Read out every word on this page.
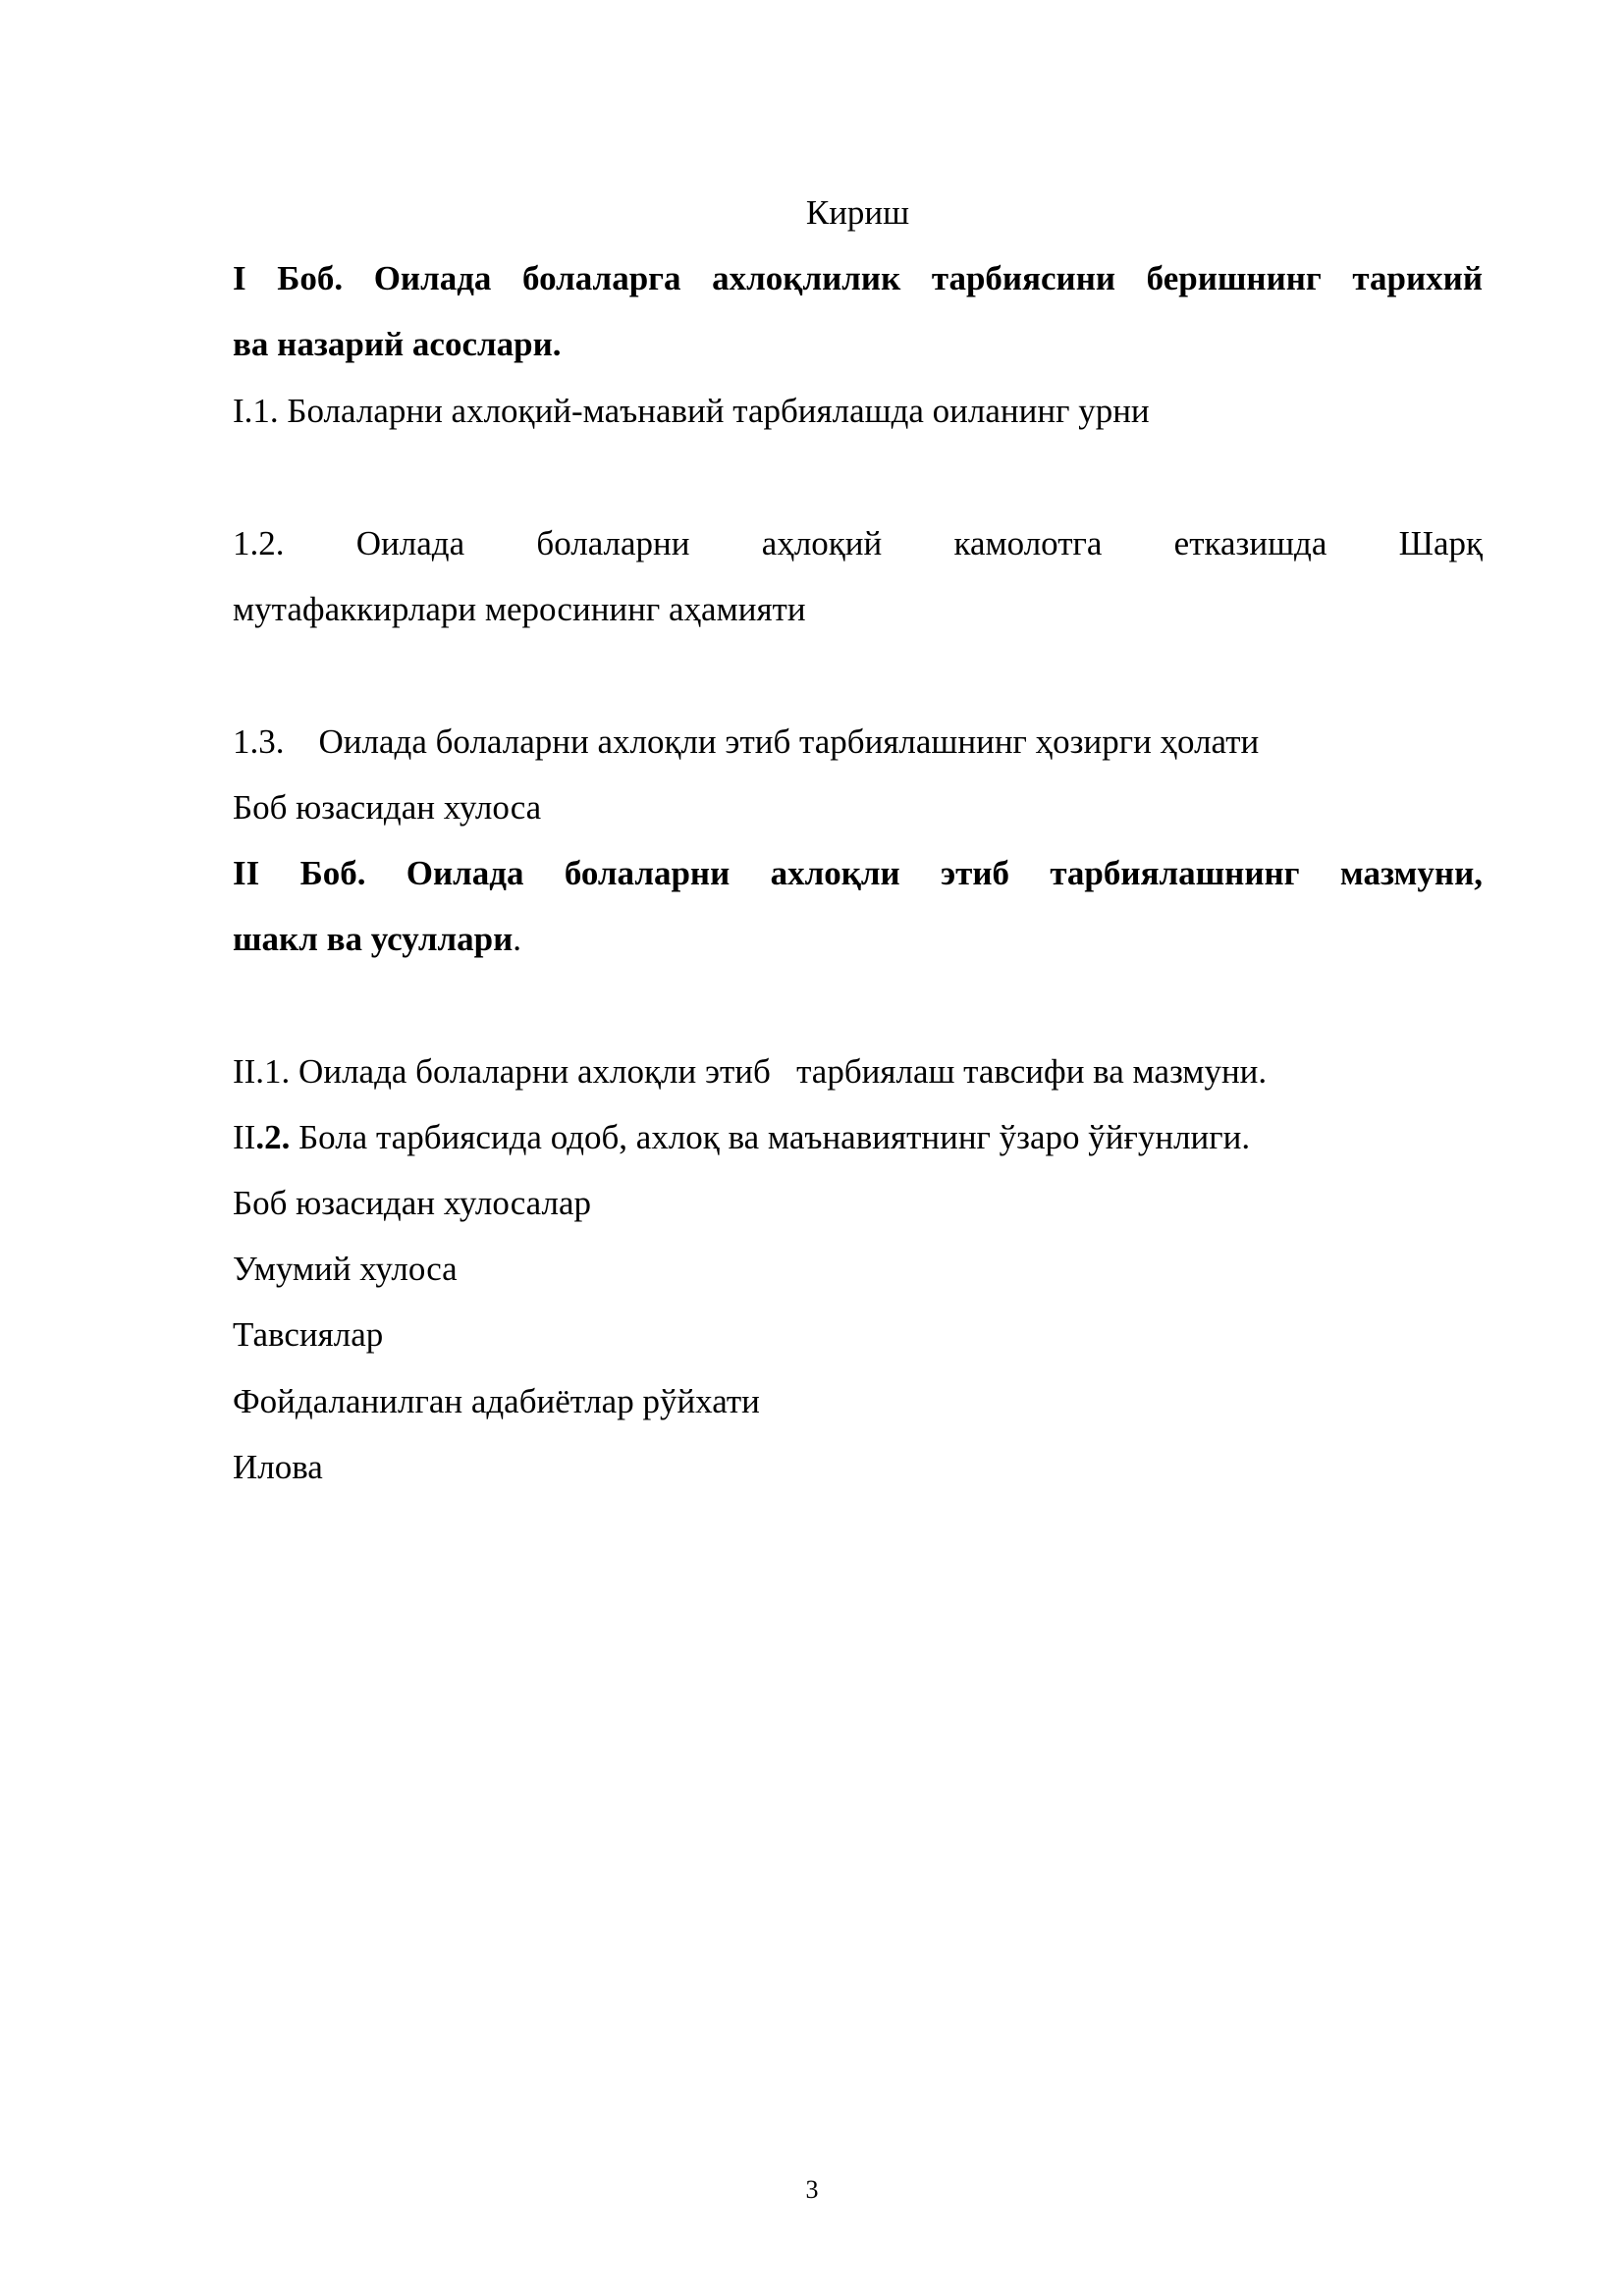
Кириш
I Боб. Оилада болаларга ахлоқлилик тарбиясини беришнинг тарихий
ва назарий асослари.
I.1. Болаларни ахлоқий-маънавий тарбиялашда оиланинг урни
1.2. Оилада болаларни аҳлоқий камолотга етказишда Шарқ
мутафаккирлари меросининг аҳамияти
1.3.    Оилада болаларни ахлоқли этиб тарбиялашнинг ҳозирги ҳолати
Боб юзасидан хулоса
II Боб. Оилада болаларни ахлоқли этиб тарбиялашнинг мазмуни,
шакл ва усуллари.
II.1. Оилада болаларни ахлоқли этиб   тарбиялаш тавсифи ва мазмуни.
II.2. Бола тарбиясида одоб, ахлоқ ва маънавиятнинг ўзаро ўйғунлиги.
Боб юзасидан хулосалар
Умумий хулоса
Тавсиялар
Фойдаланилган адабиётлар рўйхати
Илова
3
